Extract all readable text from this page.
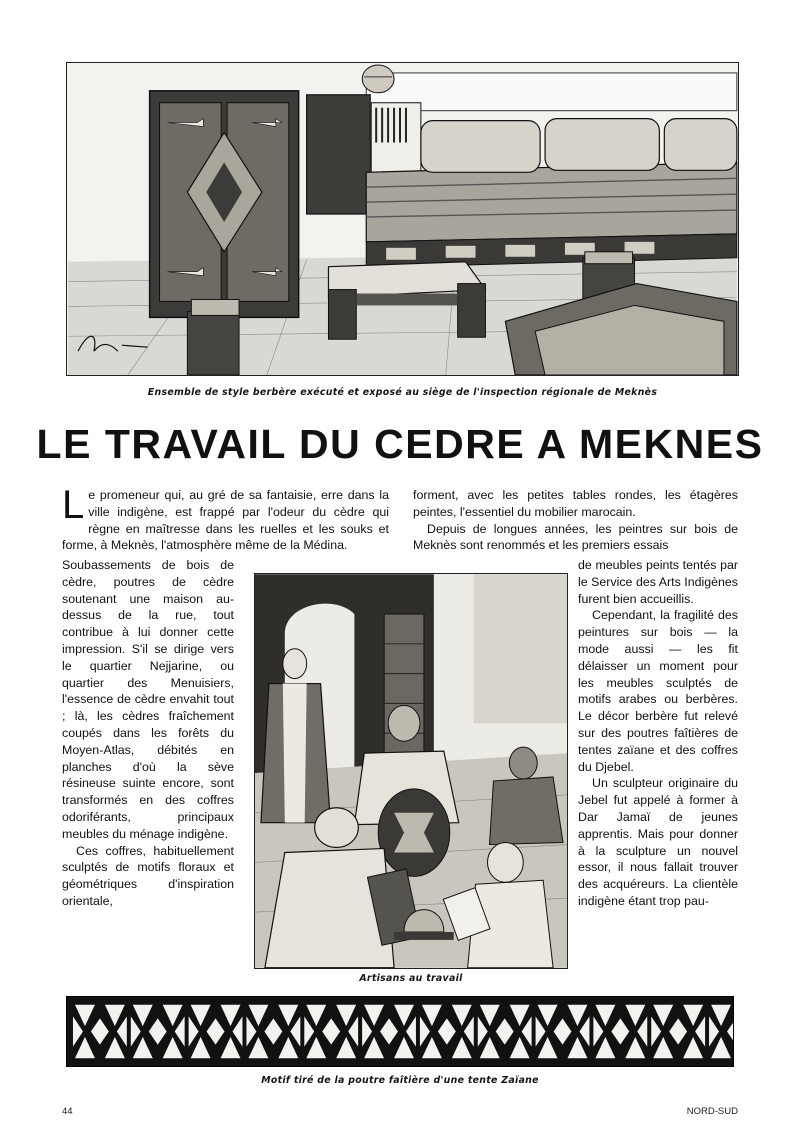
Ensemble de style berbère exécuté et exposé au siège de l'inspection régionale de Meknès
LE TRAVAIL DU CEDRE A MEKNES

Le promeneur qui, au gré de sa fantaisie, erre dans la ville indigène, est frappé par l'odeur du cèdre qui règne en maîtresse dans les ruelles et les souks et forme, à Meknès, l'atmosphère même de la Médina.

Soubassements de bois de cèdre, poutres de cèdre soutenant une maison au-dessus de la rue, tout contribue à lui donner cette impression. S'il se dirige vers le quartier Nejjarine, ou quartier des Menuisiers, l'essence de cèdre envahit tout ; là, les cèdres fraîchement coupés dans les forêts du Moyen-Atlas, débités en planches d'où la sève résineuse suinte encore, sont transformés en des coffres odoriférants, principaux meubles du ménage indigène.

Ces coffres, habituellement sculptés de motifs floraux et géométriques d'inspiration orientale,

forment, avec les petites tables rondes, les étagères peintes, l'essentiel du mobilier marocain.

Depuis de longues années, les peintres sur bois de Meknès sont renommés et les premiers essais

de meubles peints tentés par le Service des Arts Indigènes furent bien accueillis.

Cependant, la fragilité des peintures sur bois — la mode aussi — les fit délaisser un moment pour les meubles sculptés de motifs arabes ou berbères. Le décor berbère fut relevé sur des poutres faîtières de tentes zaïane et des coffres du Djebel.

Un sculpteur originaire du Jebel fut appelé à former à Dar Jamaï de jeunes apprentis. Mais pour donner à la sculpture un nouvel essor, il nous fallait trouver des acquéreurs. La clientèle indigène étant trop pau-

Artisans au travail
Motif tiré de la poutre faîtière d'une tente Zaïane
44	NORD-SUD
